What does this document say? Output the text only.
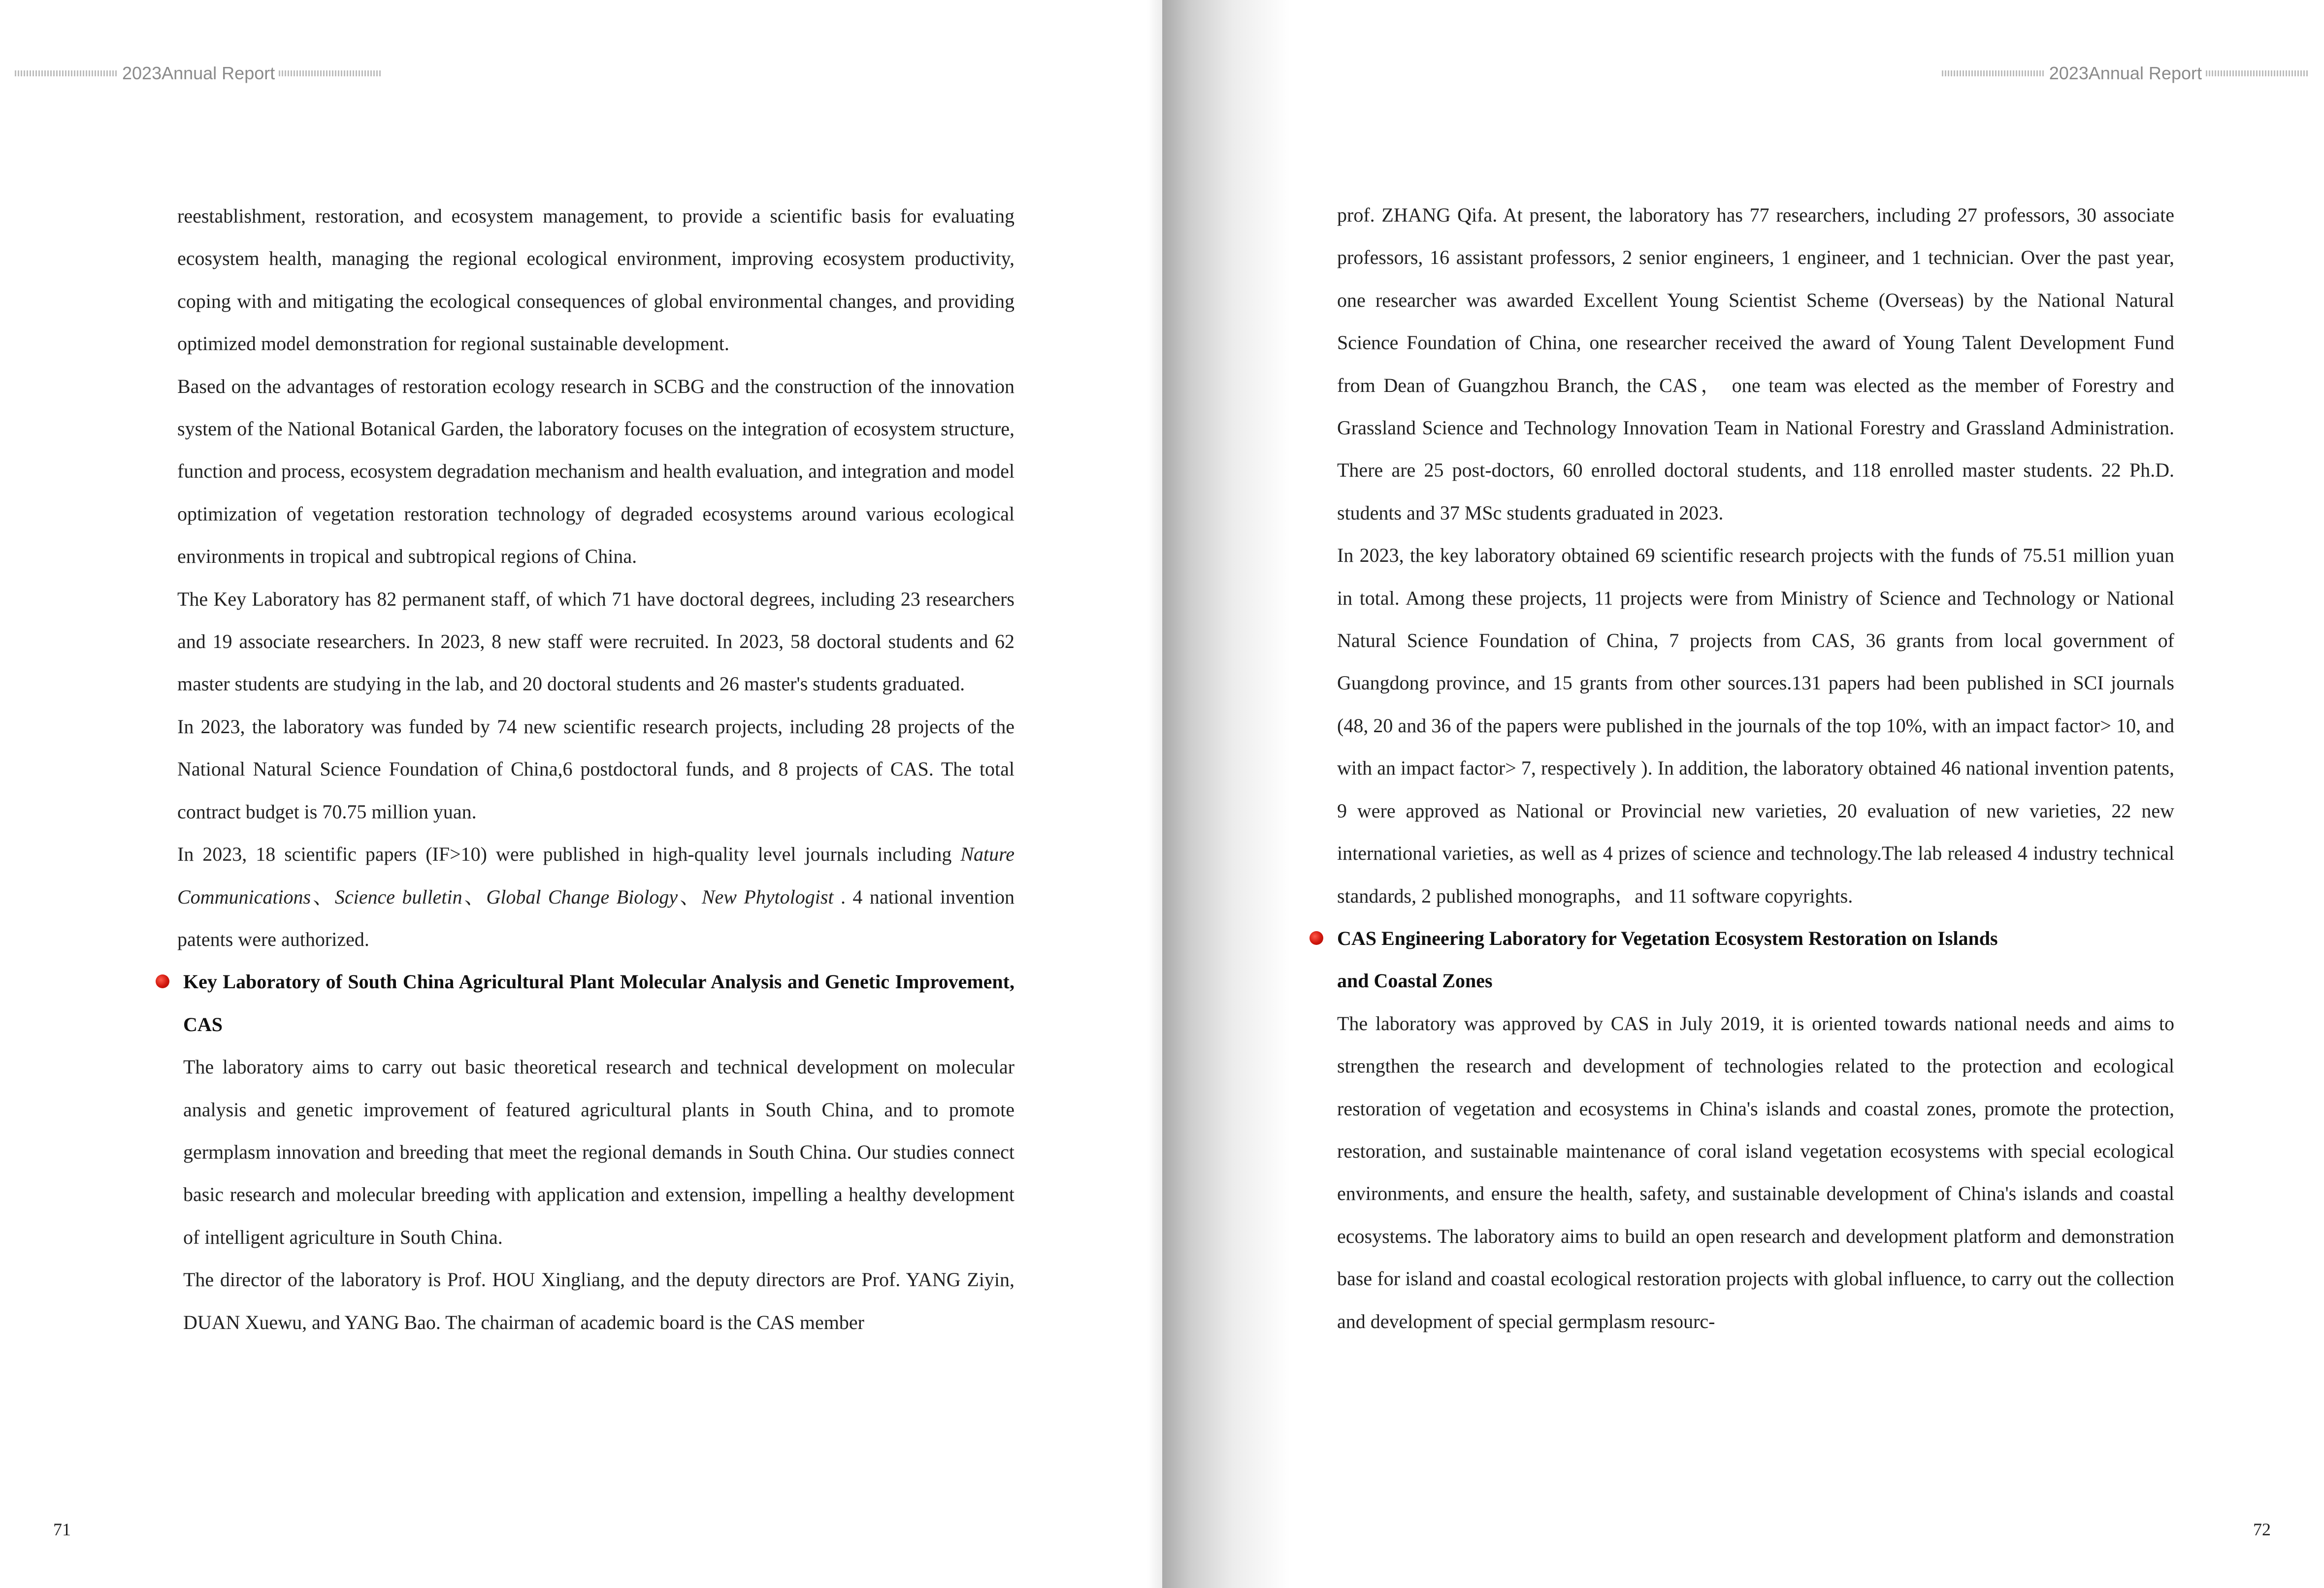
2023Annual Report

reestablishment, restoration, and ecosystem management, to provide a scientific basis for evaluating ecosystem health, managing the regional ecological environment, improving ecosystem productivity, coping with and mitigating the ecological consequences of global environmental changes, and providing optimized model demonstration for regional sustainable development.

Based on the advantages of restoration ecology research in SCBG and the construction of the innovation system of the National Botanical Garden, the laboratory focuses on the integration of ecosystem structure, function and process, ecosystem degradation mechanism and health evaluation, and integration and model optimization of vegetation restoration technology of degraded ecosystems around various ecological environments in tropical and subtropical regions of China.

The Key Laboratory has 82 permanent staff, of which 71 have doctoral degrees, including 23 researchers and 19 associate researchers. In 2023, 8 new staff were recruited. In 2023, 58 doctoral students and 62 master students are studying in the lab, and 20 doctoral students and 26 master's students graduated.

In 2023, the laboratory was funded by 74 new scientific research projects, including 28 projects of the National Natural Science Foundation of China,6 postdoctoral funds, and 8 projects of CAS. The total contract budget is 70.75 million yuan.

In 2023, 18 scientific papers (IF>10) were published in high-quality level journals including Nature Communications、Science bulletin、Global Change Biology、New Phytologist . 4 national invention patents were authorized.

Key Laboratory of South China Agricultural Plant Molecular Analysis and Genetic Improvement, CAS

The laboratory aims to carry out basic theoretical research and technical development on molecular analysis and genetic improvement of featured agricultural plants in South China, and to promote germplasm innovation and breeding that meet the regional demands in South China. Our studies connect basic research and molecular breeding with application and extension, impelling a healthy development of intelligent agriculture in South China.

The director of the laboratory is Prof. HOU Xingliang, and the deputy directors are Prof. YANG Ziyin, DUAN Xuewu, and YANG Bao. The chairman of academic board is the CAS member

71
2023Annual Report
72

prof. ZHANG Qifa. At present, the laboratory has 77 researchers, including 27 professors, 30 associate professors, 16 assistant professors, 2 senior engineers, 1 engineer, and 1 technician. Over the past year, one researcher was awarded Excellent Young Scientist Scheme (Overseas) by the National Natural Science Foundation of China, one researcher received the award of Young Talent Development Fund from Dean of Guangzhou Branch, the CAS， one team was elected as the member of Forestry and Grassland Science and Technology Innovation Team in National Forestry and Grassland Administration. There are 25 post-doctors, 60 enrolled doctoral students, and 118 enrolled master students. 22 Ph.D. students and 37 MSc students graduated in 2023.

In 2023, the key laboratory obtained 69 scientific research projects with the funds of 75.51 million yuan in total. Among these projects, 11 projects were from Ministry of Science and Technology or National Natural Science Foundation of China, 7 projects from CAS, 36 grants from local government of Guangdong province, and 15 grants from other sources.131 papers had been published in SCI journals (48, 20 and 36 of the papers were published in the journals of the top 10%, with an impact factor> 10, and with an impact factor> 7, respectively ). In addition, the laboratory obtained 46 national invention patents, 9 were approved as National or Provincial new varieties, 20 evaluation of new varieties, 22 new international varieties, as well as 4 prizes of science and technology.The lab released 4 industry technical standards, 2 published monographs，and 11 software copyrights.

CAS Engineering Laboratory for Vegetation Ecosystem Restoration on Islands

and Coastal Zones

The laboratory was approved by CAS in July 2019, it is oriented towards national needs and aims to strengthen the research and development of technologies related to the protection and ecological restoration of vegetation and ecosystems in China's islands and coastal zones, promote the protection, restoration, and sustainable maintenance of coral island vegetation ecosystems with special ecological environments, and ensure the health, safety, and sustainable development of China's islands and coastal ecosystems. The laboratory aims to build an open research and development platform and demonstration base for island and coastal ecological restoration projects with global influence, to carry out the collection and development of special germplasm resourc-
